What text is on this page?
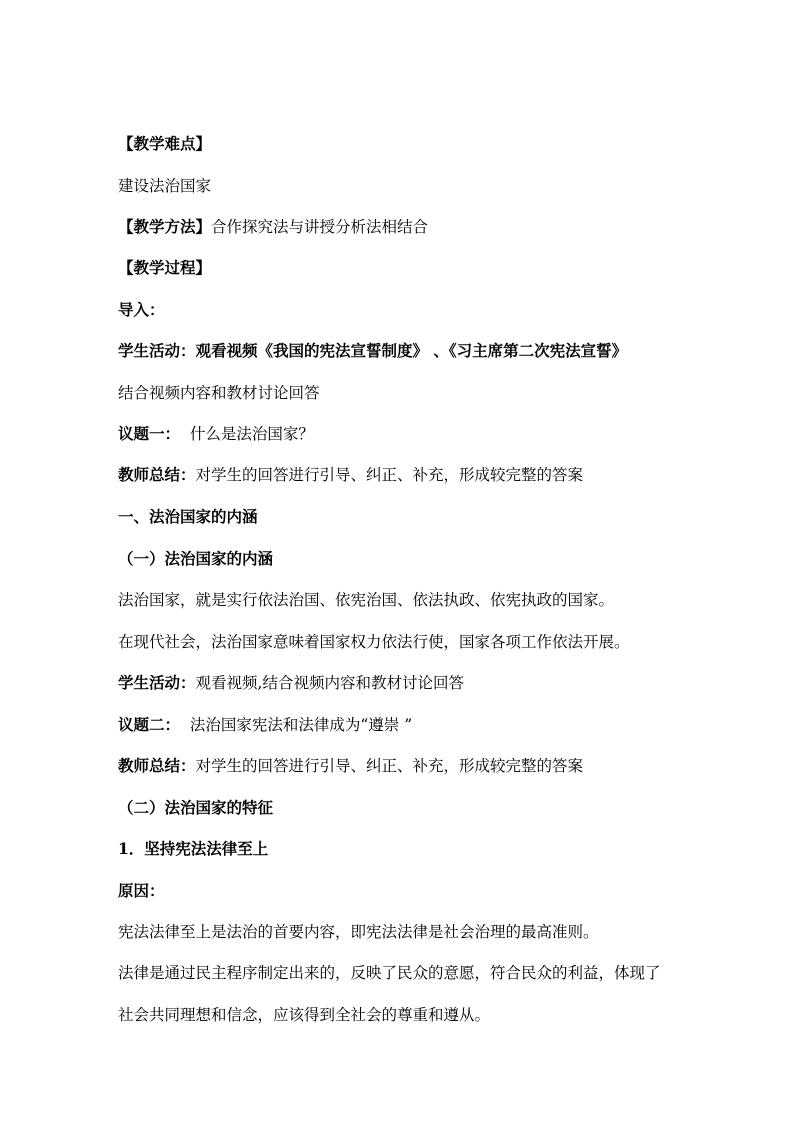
【教学难点】
建设法治国家
【教学方法】合作探究法与讲授分析法相结合
【教学过程】
导入：
学生活动：观看视频《我国的宪法宣誓制度》 、《习主席第二次宪法宣誓》
结合视频内容和教材讨论回答
议题一：  什么是法治国家？
教师总结：对学生的回答进行引导、纠正、补充，形成较完整的答案
一、法治国家的内涵
（一）法治国家的内涵
法治国家，就是实行依法治国、依宪治国、依法执政、依宪执政的国家。
在现代社会，法治国家意味着国家权力依法行使，国家各项工作依法开展。
学生活动：观看视频,结合视频内容和教材讨论回答
议题二：  法治国家宪法和法律成为“遵崇 ”
教师总结：对学生的回答进行引导、纠正、补充，形成较完整的答案
（二）法治国家的特征
1．坚持宪法法律至上
原因：
宪法法律至上是法治的首要内容，即宪法法律是社会治理的最高准则。
法律是通过民主程序制定出来的，反映了民众的意愿，符合民众的利益，体现了
社会共同理想和信念，应该得到全社会的尊重和遵从。
